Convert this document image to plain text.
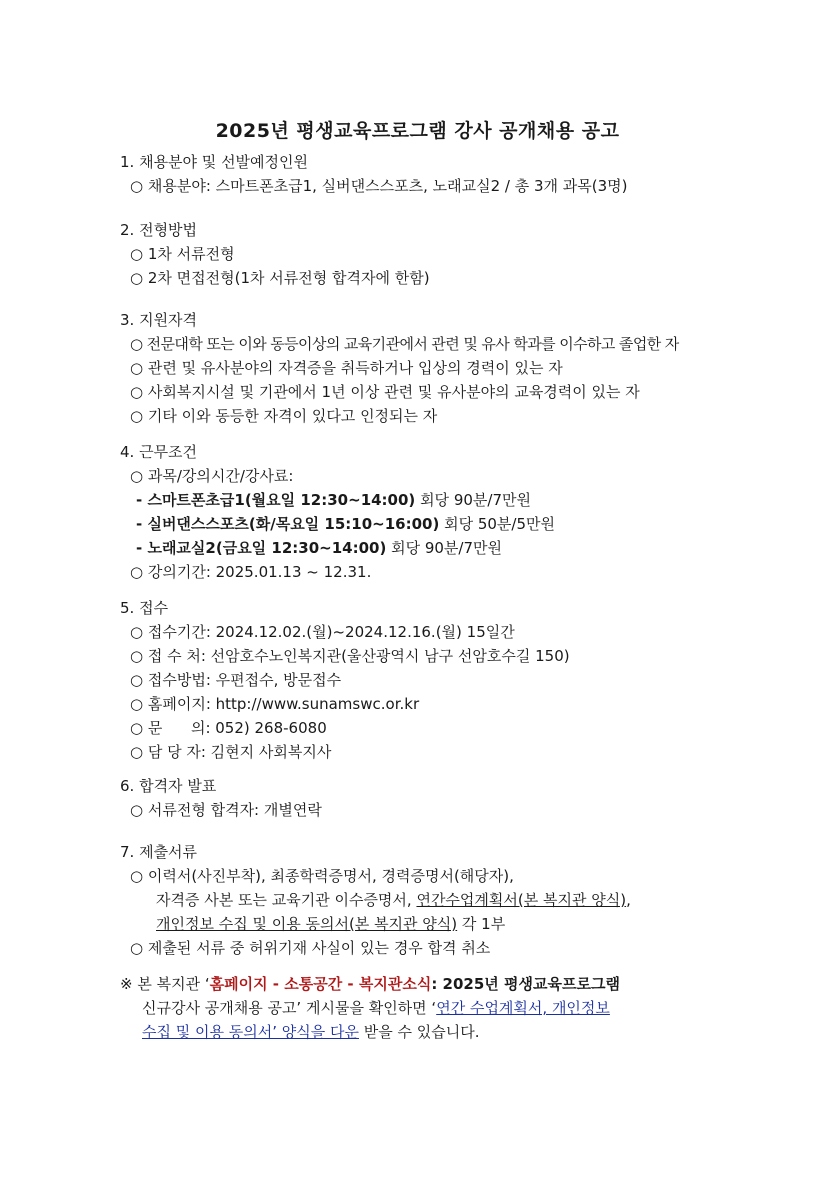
2025년 평생교육프로그램 강사 공개채용 공고
1. 채용분야 및 선발예정인원
○ 채용분야: 스마트폰초급1, 실버댄스스포츠, 노래교실2 / 총 3개 과목(3명)
2. 전형방법
○ 1차 서류전형
○ 2차 면접전형(1차 서류전형 합격자에 한함)
3. 지원자격
○ 전문대학 또는 이와 동등이상의 교육기관에서 관련 및 유사 학과를 이수하고 졸업한 자
○ 관련 및 유사분야의 자격증을 취득하거나 입상의 경력이 있는 자
○ 사회복지시설 및 기관에서 1년 이상 관련 및 유사분야의 교육경력이 있는 자
○ 기타 이와 동등한 자격이 있다고 인정되는 자
4. 근무조건
○ 과목/강의시간/강사료:
- 스마트폰초급1(월요일 12:30~14:00) 회당 90분/7만원
- 실버댄스스포츠(화/목요일 15:10~16:00) 회당 50분/5만원
- 노래교실2(금요일 12:30~14:00) 회당 90분/7만원
○ 강의기간: 2025.01.13 ~ 12.31.
5. 접수
○ 접수기간: 2024.12.02.(월)~2024.12.16.(월) 15일간
○ 접 수 처: 선암호수노인복지관(울산광역시 남구 선암호수길 150)
○ 접수방법: 우편접수, 방문접수
○ 홈페이지: http://www.sunamswc.or.kr
○ 문      의: 052) 268-6080
○ 담 당 자: 김현지 사회복지사
6. 합격자 발표
○ 서류전형 합격자: 개별연락
7. 제출서류
○ 이력서(사진부착), 최종학력증명서, 경력증명서(해당자),
자격증 사본 또는 교육기관 이수증명서, 연간수업계획서(본 복지관 양식),
개인정보 수집 및 이용 동의서(본 복지관 양식) 각 1부
○ 제출된 서류 중 허위기재 사실이 있는 경우 합격 취소
※ 본 복지관 ‘홈페이지 - 소통공간 - 복지관소식: 2025년 평생교육프로그램
신규강사 공개채용 공고’ 게시물을 확인하면 ‘연간 수업계획서, 개인정보
수집 및 이용 동의서’ 양식을 다운 받을 수 있습니다.
